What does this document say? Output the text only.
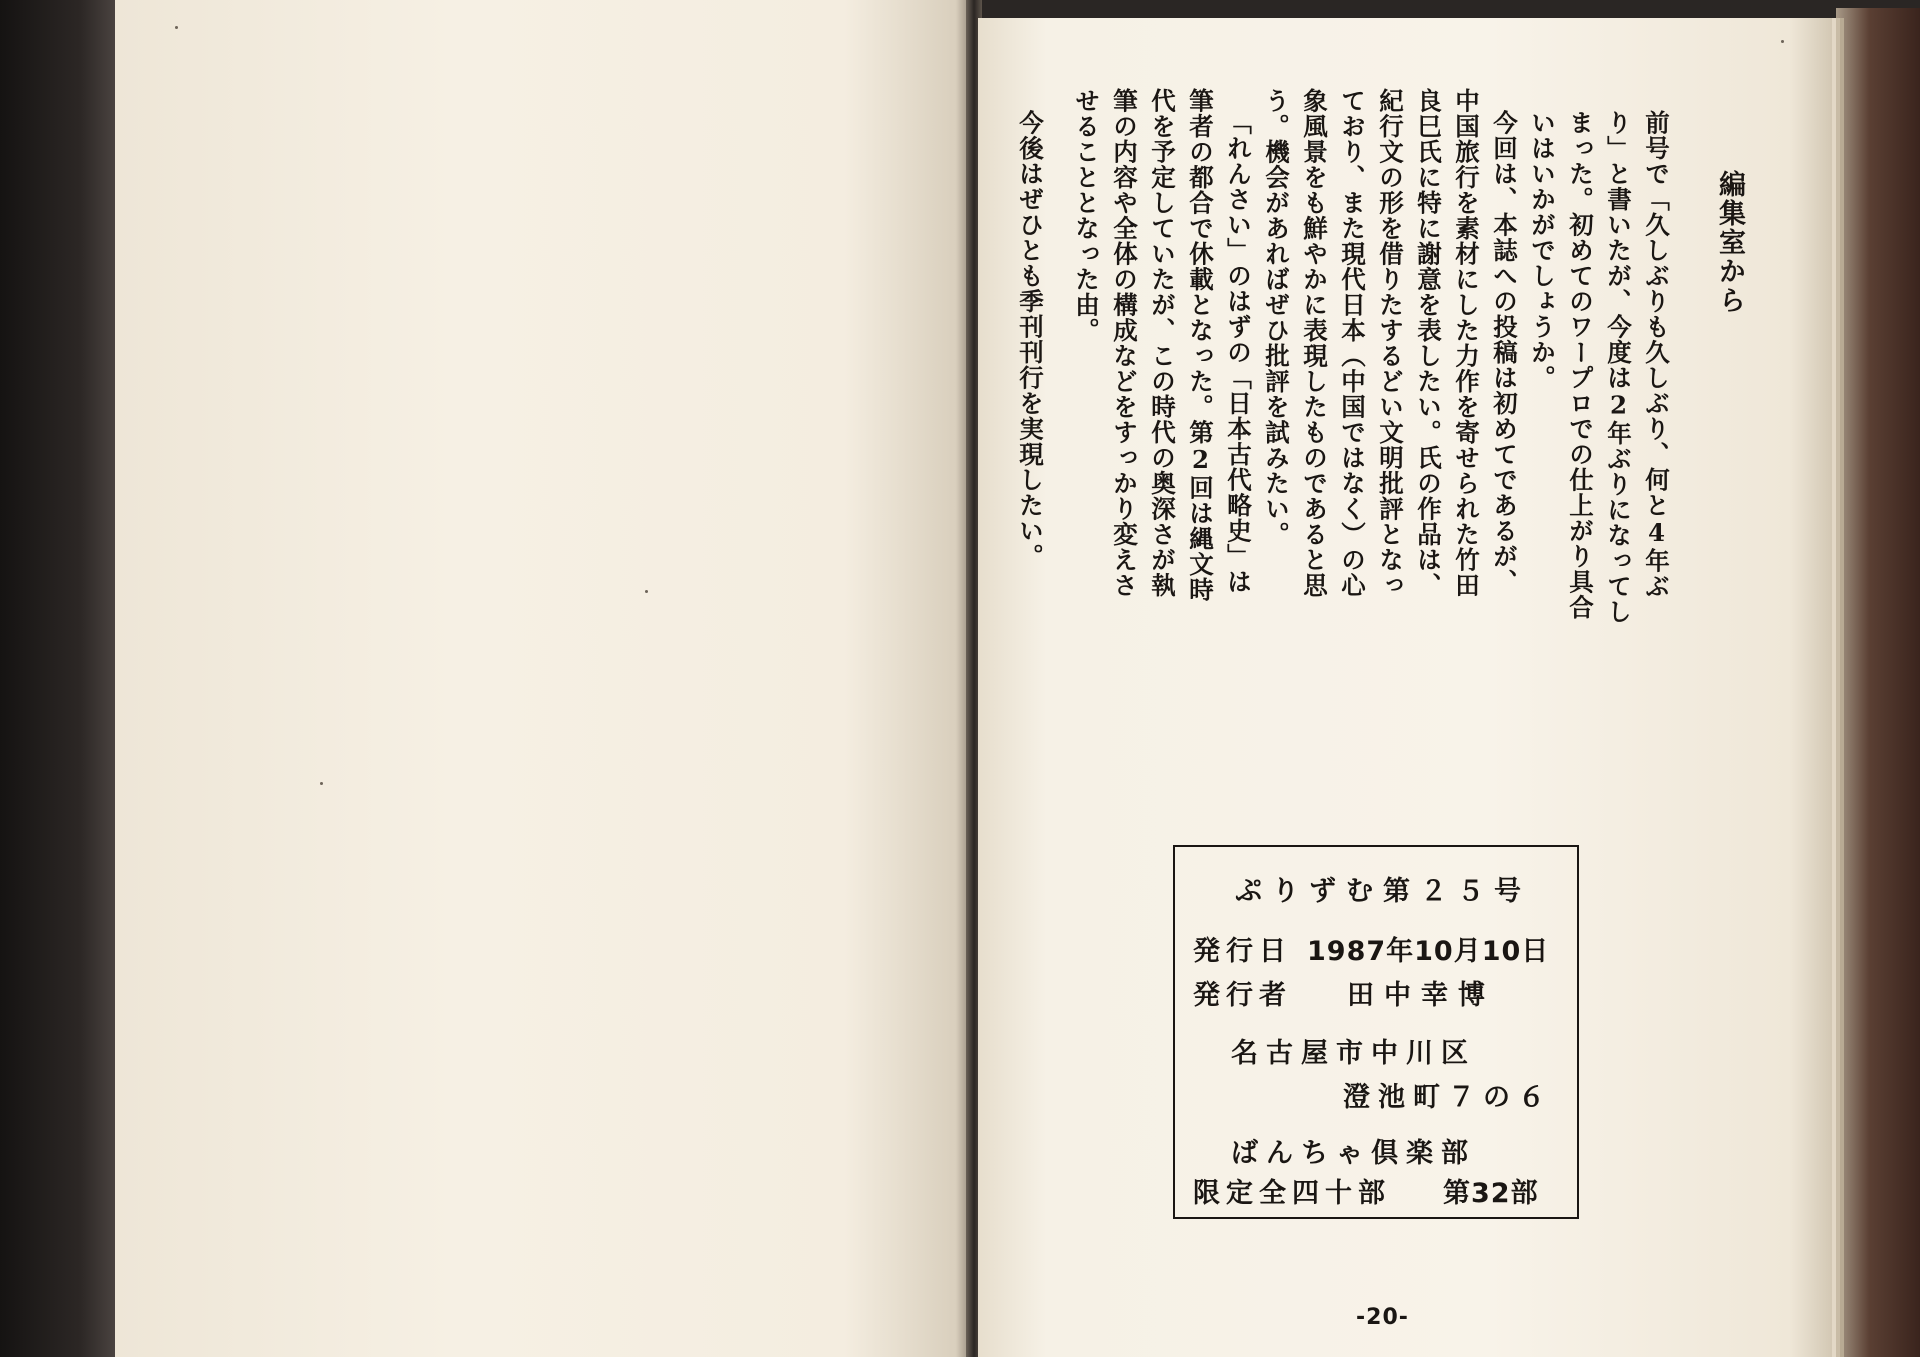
編集室から

前号で「久しぶりも久しぶり、何と4年ぶ

り」と書いたが、今度は2年ぶりになってし

まった。初めてのワープロでの仕上がり具合

いはいかがでしょうか。

今回は、本誌への投稿は初めてであるが、

中国旅行を素材にした力作を寄せられた竹田

良巳氏に特に謝意を表したい。氏の作品は、

紀行文の形を借りたするどい文明批評となっ

ており、また現代日本（中国ではなく）の心

象風景をも鮮やかに表現したものであると思

う。機会があればぜひ批評を試みたい。

「れんさい」のはずの「日本古代略史」は

筆者の都合で休載となった。第2回は縄文時

代を予定していたが、この時代の奥深さが執

筆の内容や全体の構成などをすっかり変えさ

せることとなった由。

今後はぜひとも季刊刊行を実現したい。

ぷりずむ第２５号

発行日 1987年10月10日

発行者 田中幸博

名古屋市中川区

澄池町７の６

ばんちゃ倶楽部

限定全四十部 第32部

-20-
